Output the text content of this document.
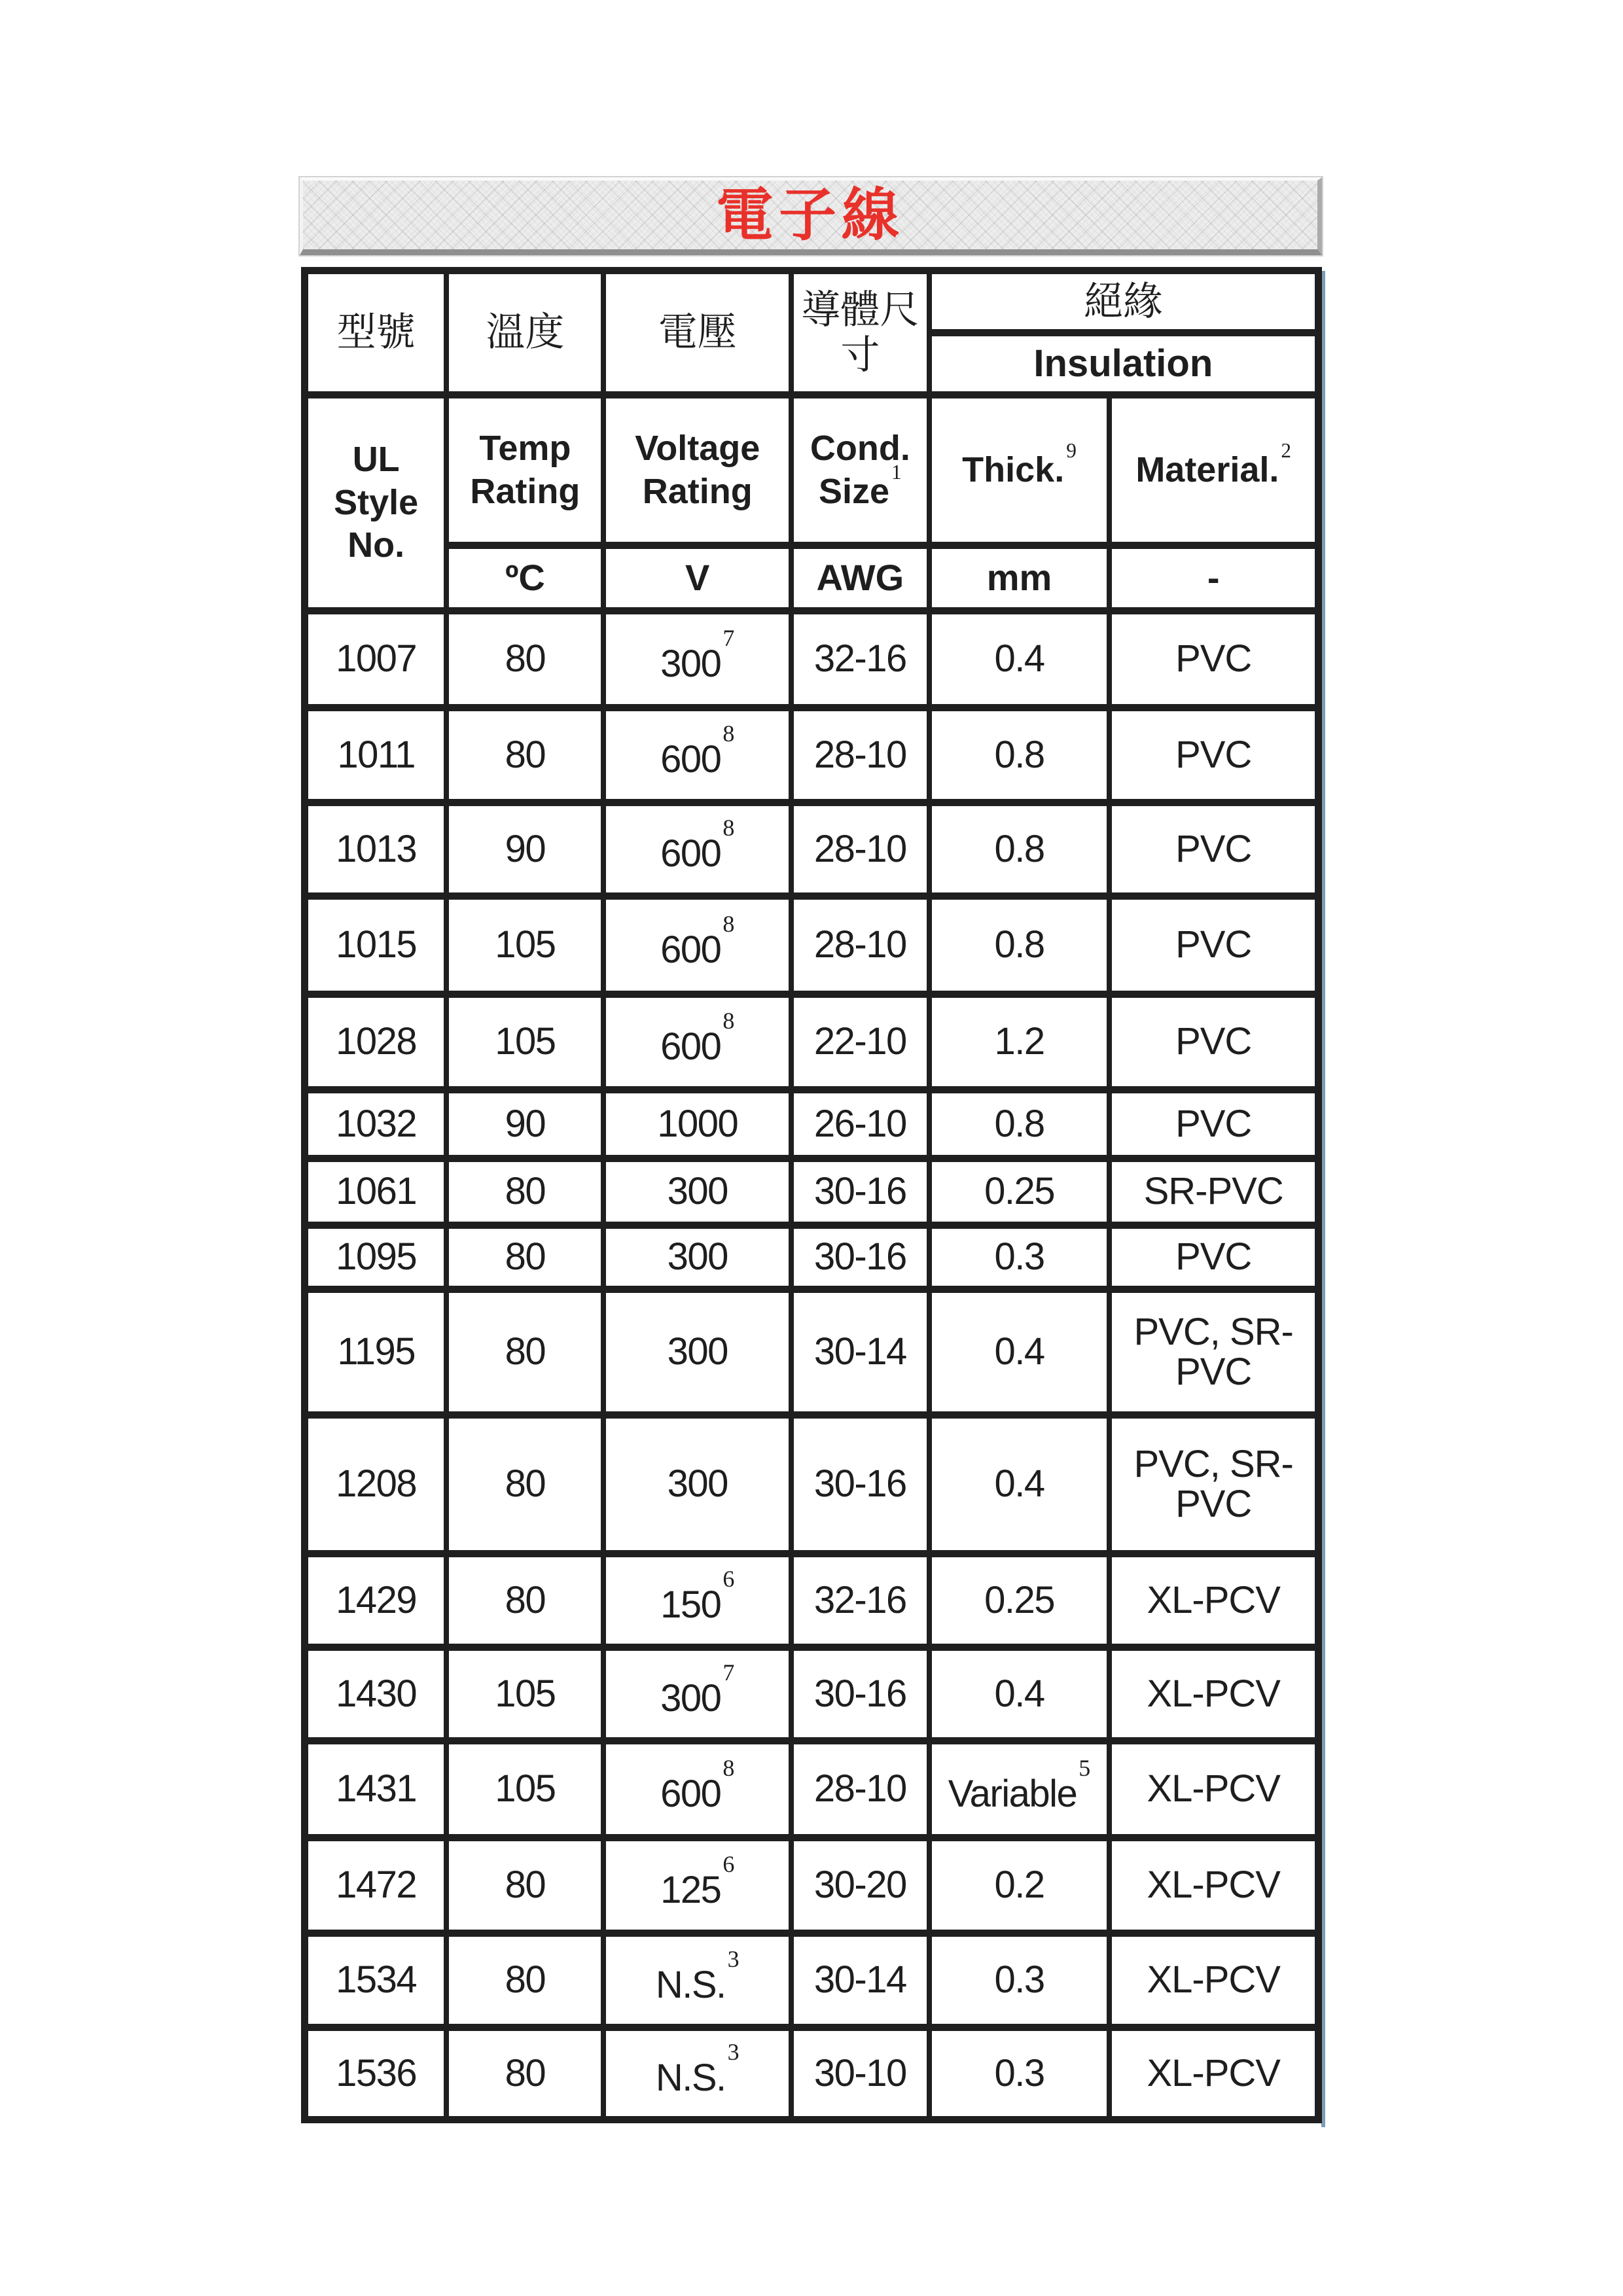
電子線
型號	溫度	電壓	導體尺寸	絕緣	
				Insulation	
UL Style No.	Temp Rating	Voltage Rating	Cond. Size$^1$	Thick.$^9$	Material.$^2$
	ºC	V	AWG	mm	-
1007	80	$300^7$	32-16	0.4	PVC
1011	80	$600^8$	28-10	0.8	PVC
1013	90	$600^8$	28-10	0.8	PVC
1015	105	$600^8$	28-10	0.8	PVC
1028	105	$600^8$	22-10	1.2	PVC
1032	90	1000	26-10	0.8	PVC
1061	80	300	30-16	0.25	SR-PVC
1095	80	300	30-16	0.3	PVC
1195	80	300	30-14	0.4	PVC, SR-PVC
1208	80	300	30-16	0.4	PVC, SR-PVC
1429	80	$150^6$	32-16	0.25	XL-PCV
1430	105	$300^7$	30-16	0.4	XL-PCV
1431	105	$600^8$	28-10	Variable$^5$	XL-PCV
1472	80	$125^6$	30-20	0.2	XL-PCV
1534	80	N.S.$^3$	30-14	0.3	XL-PCV
1536	80	N.S.$^3$	30-10	0.3	XL-PCV
